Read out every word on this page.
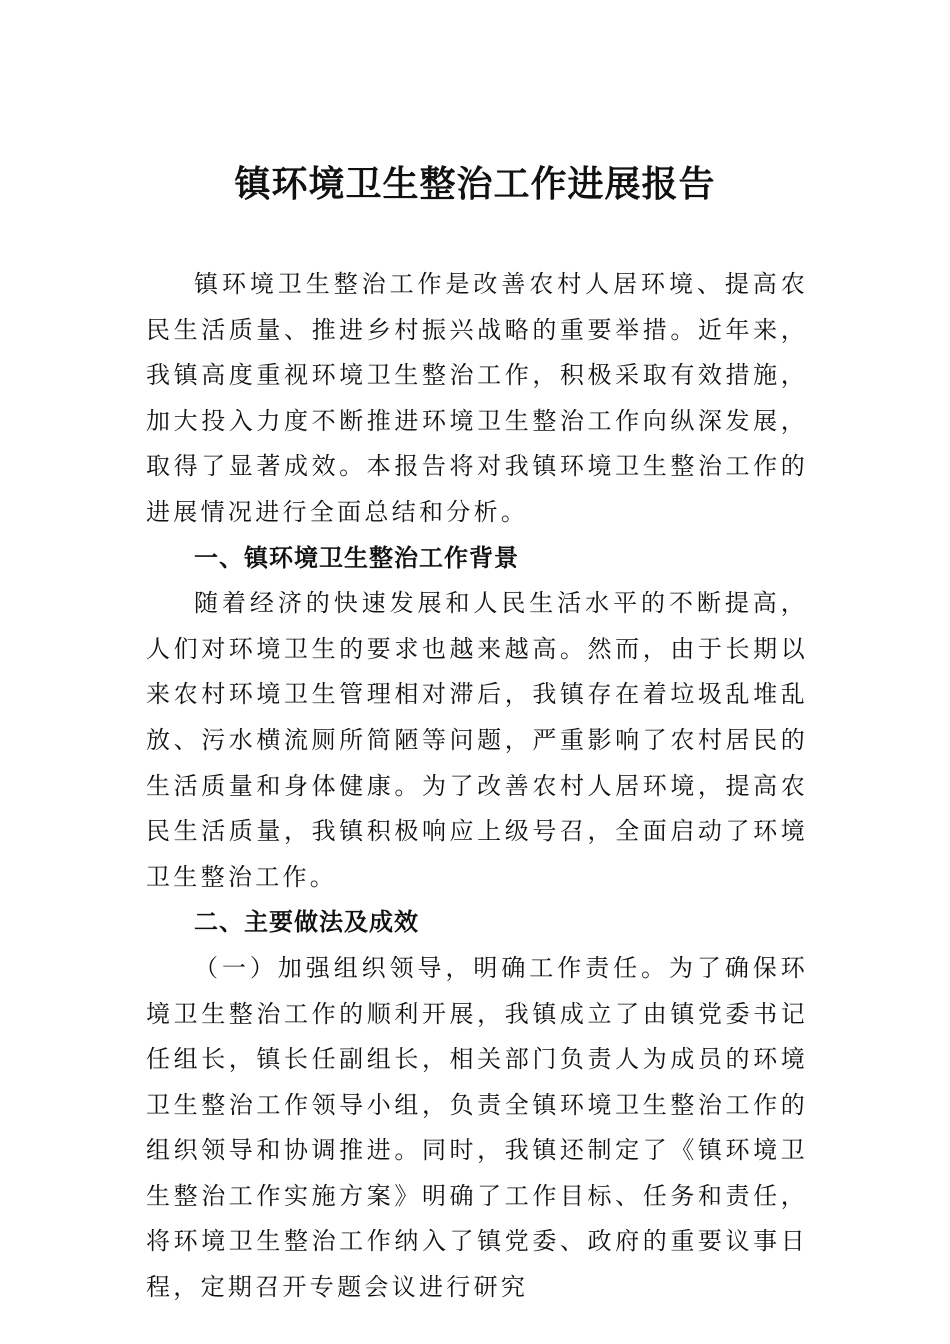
镇环境卫生整治工作进展报告

镇环境卫生整治工作是改善农村人居环境、提高农民生活质量、推进乡村振兴战略的重要举措。近年来，我镇高度重视环境卫生整治工作，积极采取有效措施，加大投入力度不断推进环境卫生整治工作向纵深发展，取得了显著成效。本报告将对我镇环境卫生整治工作的进展情况进行全面总结和分析。

一、镇环境卫生整治工作背景

随着经济的快速发展和人民生活水平的不断提高，人们对环境卫生的要求也越来越高。然而，由于长期以来农村环境卫生管理相对滞后，我镇存在着垃圾乱堆乱放、污水横流厕所简陋等问题，严重影响了农村居民的生活质量和身体健康。为了改善农村人居环境，提高农民生活质量，我镇积极响应上级号召，全面启动了环境卫生整治工作。

二、主要做法及成效

（一）加强组织领导，明确工作责任。为了确保环境卫生整治工作的顺利开展，我镇成立了由镇党委书记任组长，镇长任副组长，相关部门负责人为成员的环境卫生整治工作领导小组，负责全镇环境卫生整治工作的组织领导和协调推进。同时，我镇还制定了《镇环境卫生整治工作实施方案》明确了工作目标、任务和责任，将环境卫生整治工作纳入了镇党委、政府的重要议事日程，定期召开专题会议进行研究
